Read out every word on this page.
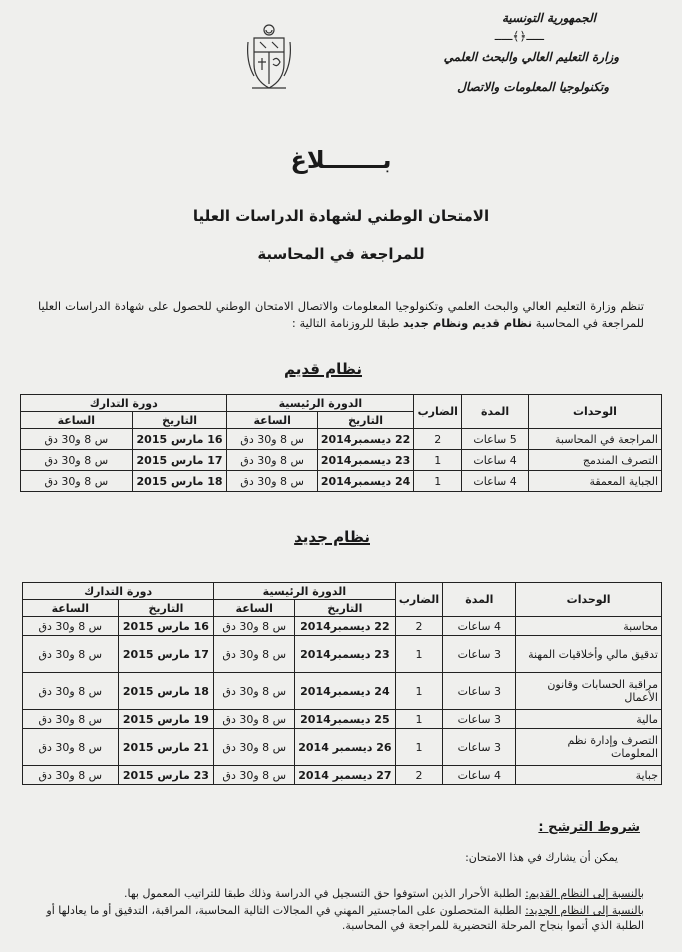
الجمهورية التونسية
ـــــ﴿﴾ـــــ
وزارة التعليم العالي والبحث العلمي
وتكنولوجيا المعلومات والاتصال
بـــــــلاغ
الامتحان الوطني لشهادة الدراسات العليا
للمراجعة في المحاسبة
تنظم وزارة التعليم العالي والبحث العلمي وتكنولوجيا المعلومات والاتصال الامتحان الوطني للحصول على شهادة الدراسات العليا للمراجعة في المحاسبة نظام قديم ونظام جديد طبقا للروزنامة التالية :
نظام قديم
الوحدات	المدة	الضارب	الدورة الرئيسية		دورة التدارك	
			التاريخ	الساعة	التاريخ	الساعة
المراجعة في المحاسبة	5 ساعات	2	22 ديسمبر2014	س 8 و30 دق	16 مارس 2015	س 8 و30 دق
التصرف المندمج	4 ساعات	1	23 ديسمبر2014	س 8 و30 دق	17 مارس 2015	س 8 و30 دق
الجباية المعمقة	4 ساعات	1	24 ديسمبر2014	س 8 و30 دق	18 مارس 2015	س 8 و30 دق
نظام جديد
الوحدات	المدة	الضارب	الدورة الرئيسية		دورة التدارك	
			التاريخ	الساعة	التاريخ	الساعة
محاسبة	4 ساعات	2	22 ديسمبر2014	س 8 و30 دق	16 مارس 2015	س 8 و30 دق
تدقيق مالي وأخلاقيات المهنة	3 ساعات	1	23 ديسمبر2014	س 8 و30 دق	17 مارس 2015	س 8 و30 دق
مراقبة الحسابات وقانون الأعمال	3 ساعات	1	24 ديسمبر2014	س 8 و30 دق	18 مارس 2015	س 8 و30 دق
مالية	3 ساعات	1	25 ديسمبر2014	س 8 و30 دق	19 مارس 2015	س 8 و30 دق
التصرف وإدارة نظم المعلومات	3 ساعات	1	26 ديسمبر 2014	س 8 و30 دق	21 مارس 2015	س 8 و30 دق
جباية	4 ساعات	2	27 ديسمبر 2014	س 8 و30 دق	23 مارس 2015	س 8 و30 دق
شروط الترشح :
يمكن أن يشارك في هذا الامتحان:
بالنسبة إلى النظام القديم: الطلبة الأحرار الذين استوفوا حق التسجيل في الدراسة وذلك طبقا للتراتيب المعمول بها.
بالنسبة إلى النظام الجديد: الطلبة المتحصلون على الماجستير المهني في المجالات التالية المحاسبة، المراقبة، التدقيق أو ما يعادلها أو الطلبة الذي أتموا بنجاح المرحلة التحضيرية للمراجعة في المحاسبة.
